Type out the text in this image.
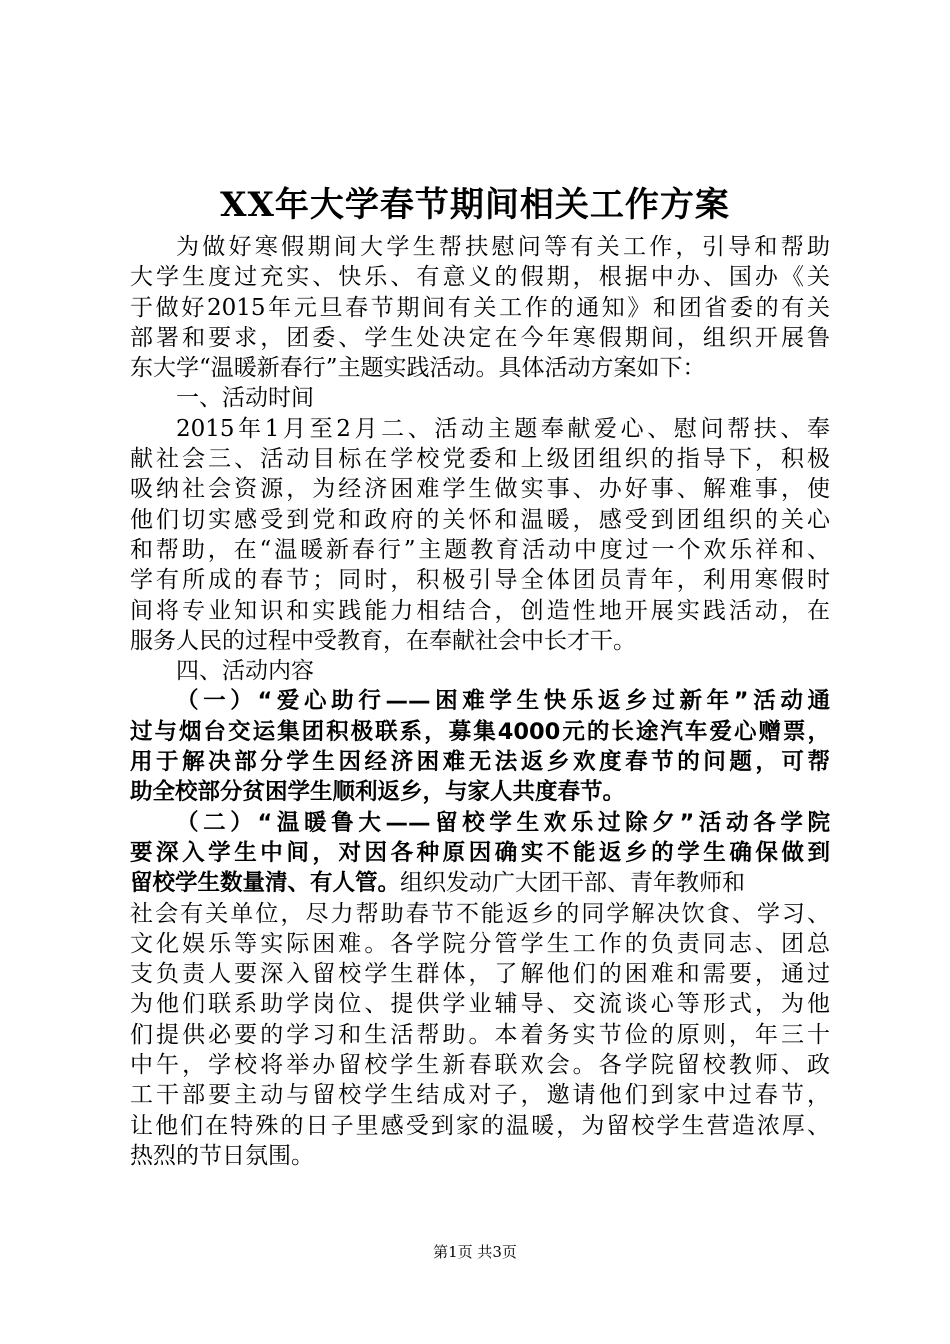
XX年大学春节期间相关工作方案
为做好寒假期间大学生帮扶慰问等有关工作，引导和帮助
大学生度过充实、快乐、有意义的假期，根据中办、国办《关
于做好2015年元旦春节期间有关工作的通知》和团省委的有关
部署和要求，团委、学生处决定在今年寒假期间，组织开展鲁
东大学“温暖新春行”主题实践活动。具体活动方案如下：
一、活动时间
2015年1月至2月二、活动主题奉献爱心、慰问帮扶、奉
献社会三、活动目标在学校党委和上级团组织的指导下，积极
吸纳社会资源，为经济困难学生做实事、办好事、解难事，使
他们切实感受到党和政府的关怀和温暖，感受到团组织的关心
和帮助，在“温暖新春行”主题教育活动中度过一个欢乐祥和、
学有所成的春节；同时，积极引导全体团员青年，利用寒假时
间将专业知识和实践能力相结合，创造性地开展实践活动，在
服务人民的过程中受教育，在奉献社会中长才干。
四、活动内容
（一）“爱心助行——困难学生快乐返乡过新年”活动通
过与烟台交运集团积极联系，募集4000元的长途汽车爱心赠票，
用于解决部分学生因经济困难无法返乡欢度春节的问题，可帮
助全校部分贫困学生顺利返乡，与家人共度春节。
（二）“温暖鲁大——留校学生欢乐过除夕”活动各学院
要深入学生中间，对因各种原因确实不能返乡的学生确保做到
留校学生数量清、有人管。组织发动广大团干部、青年教师和
社会有关单位，尽力帮助春节不能返乡的同学解决饮食、学习、
文化娱乐等实际困难。各学院分管学生工作的负责同志、团总
支负责人要深入留校学生群体，了解他们的困难和需要，通过
为他们联系助学岗位、提供学业辅导、交流谈心等形式，为他
们提供必要的学习和生活帮助。本着务实节俭的原则，年三十
中午，学校将举办留校学生新春联欢会。各学院留校教师、政
工干部要主动与留校学生结成对子，邀请他们到家中过春节，
让他们在特殊的日子里感受到家的温暖，为留校学生营造浓厚、
热烈的节日氛围。
第1页 共3页
